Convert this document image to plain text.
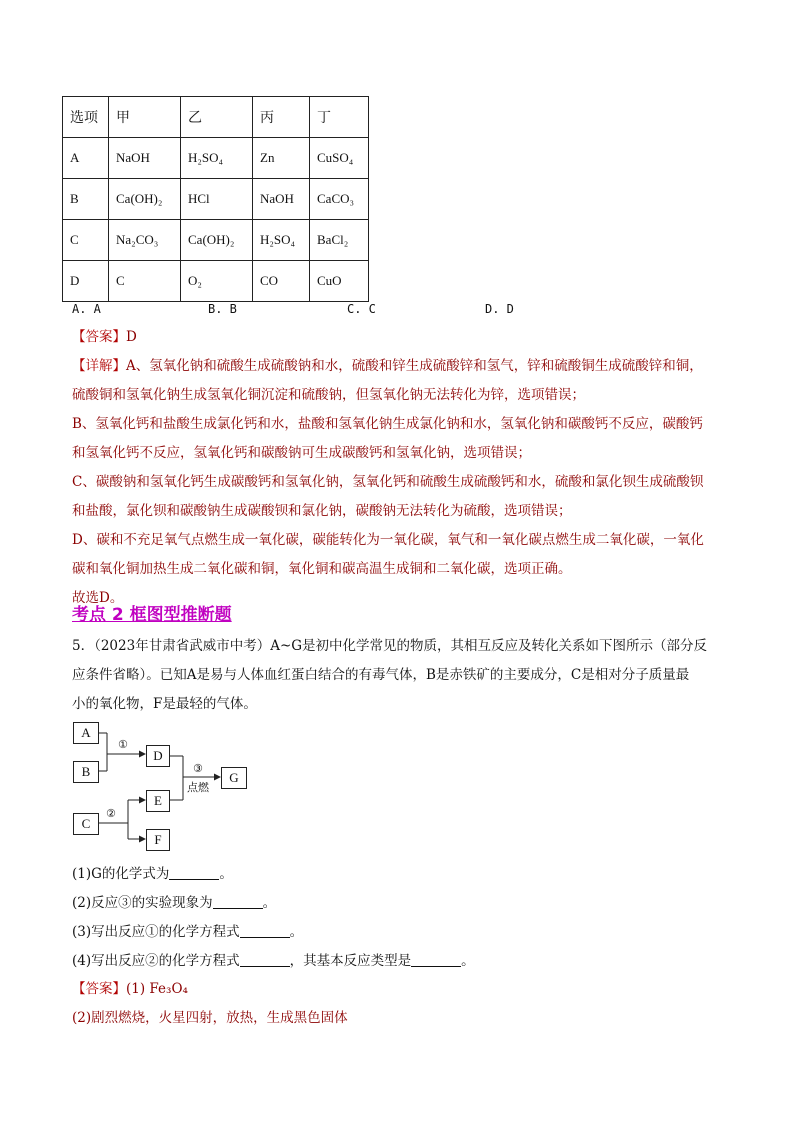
选项	甲	乙	丙	丁
A	NaOH	H₂SO₄	Zn	CuSO₄
B	Ca(OH)₂	HCl	NaOH	CaCO₃
C	Na₂CO₃	Ca(OH)₂	H₂SO₄	BaCl₂
D	C	O₂	CO	CuO
A. A	B. B	C. C	D. D
【答案】D
【详解】A、氢氧化钠和硫酸生成硫酸钠和水，硫酸和锌生成硫酸锌和氢气，锌和硫酸铜生成硫酸锌和铜，
硫酸铜和氢氧化钠生成氢氧化铜沉淀和硫酸钠，但氢氧化钠无法转化为锌，选项错误；
B、氢氧化钙和盐酸生成氯化钙和水，盐酸和氢氧化钠生成氯化钠和水，氢氧化钠和碳酸钙不反应，碳酸钙
和氢氧化钙不反应，氢氧化钙和碳酸钠可生成碳酸钙和氢氧化钠，选项错误；
C、碳酸钠和氢氧化钙生成碳酸钙和氢氧化钠，氢氧化钙和硫酸生成硫酸钙和水，硫酸和氯化钡生成硫酸钡
和盐酸，氯化钡和碳酸钠生成碳酸钡和氯化钠，碳酸钠无法转化为硫酸，选项错误；
D、碳和不充足氧气点燃生成一氧化碳，碳能转化为一氧化碳，氧气和一氧化碳点燃生成二氧化碳，一氧化
碳和氧化铜加热生成二氧化碳和铜，氧化铜和碳高温生成铜和二氧化碳，选项正确。
故选D。
考点 2 框图型推断题
5．（2023年甘肃省武威市中考）A~G是初中化学常见的物质，其相互反应及转化关系如下图所示（部分反
应条件省略）。已知A是易与人体血红蛋白结合的有毒气体，B是赤铁矿的主要成分，C是相对分子质量最
小的氧化物，F是最轻的气体。
A
B
C
D
E
F
G
①
②
③
点燃
(1)G的化学式为	。
(2)反应③的实验现象为	。
(3)写出反应①的化学方程式	。
(4)写出反应②的化学方程式	，其基本反应类型是	。
【答案】(1) Fe₃O₄
(2)剧烈燃烧，火星四射，放热，生成黑色固体
